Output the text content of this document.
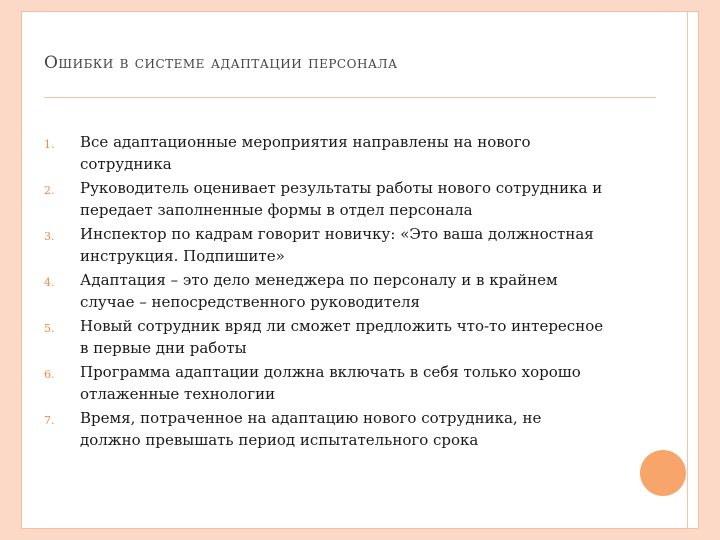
Ошибки в системе адаптации персонала
1. Все адаптационные мероприятия направлены на нового сотрудника
2. Руководитель оценивает результаты работы нового сотрудника и передает заполненные формы в отдел персонала
3. Инспектор по кадрам говорит новичку: «Это ваша должностная инструкция. Подпишите»
4. Адаптация – это дело менеджера по персоналу и в крайнем случае – непосредственного руководителя
5. Новый сотрудник вряд ли сможет предложить что-то интересное в первые дни работы
6. Программа адаптации должна включать в себя только хорошо отлаженные технологии
7. Время, потраченное на адаптацию нового сотрудника, не должно превышать период испытательного срока
